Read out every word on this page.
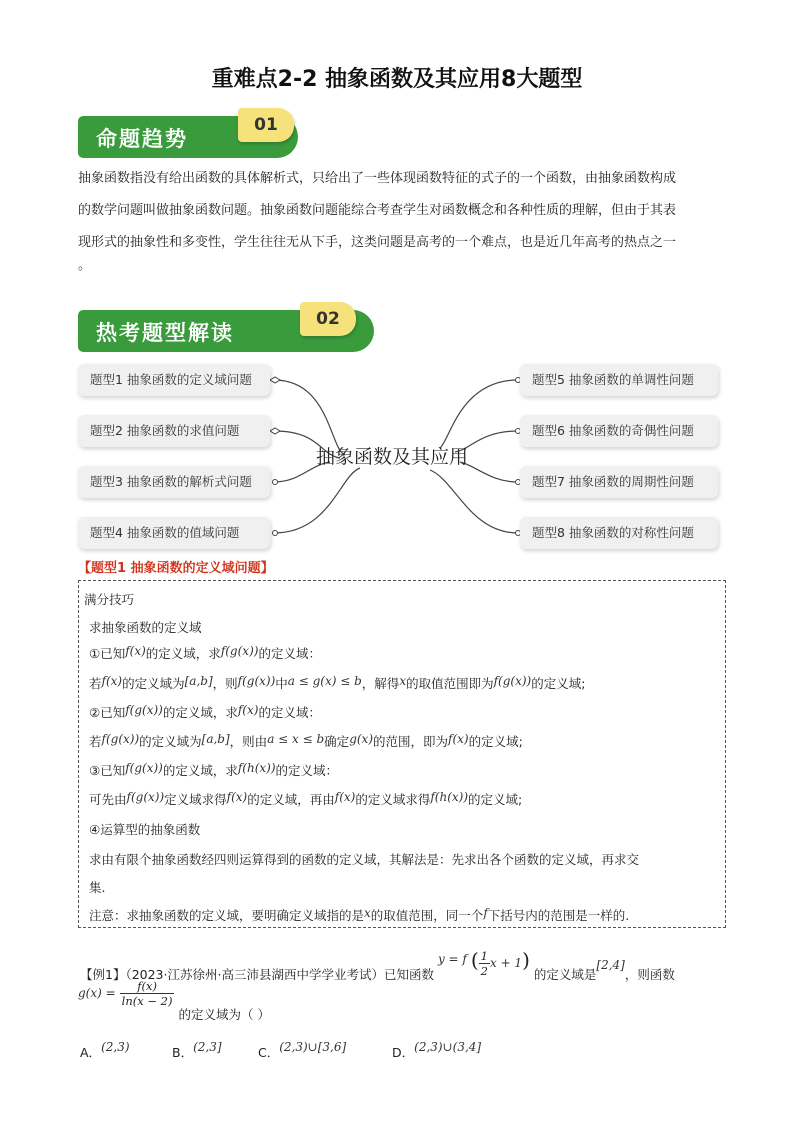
重难点2-2 抽象函数及其应用8大题型
命题趋势
01
抽象函数指没有给出函数的具体解析式，只给出了一些体现函数特征的式子的一个函数，由抽象函数构成
的数学问题叫做抽象函数问题。抽象函数问题能综合考查学生对函数概念和各种性质的理解，但由于其表
现形式的抽象性和多变性，学生往往无从下手，这类问题是高考的一个难点，也是近几年高考的热点之一
。
热考题型解读
02
题型1 抽象函数的定义域问题
题型2 抽象函数的求值问题
题型3 抽象函数的解析式问题
题型4 抽象函数的值域问题
题型5 抽象函数的单调性问题
题型6 抽象函数的奇偶性问题
题型7 抽象函数的周期性问题
题型8 抽象函数的对称性问题
抽象函数及其应用
【题型1 抽象函数的定义域问题】
满分技巧
求抽象函数的定义域
①已知f(x)的定义域，求f(g(x))的定义域：
若f(x)的定义域为[a,b]，则f(g(x))中a ≤ g(x) ≤ b，解得x的取值范围即为f(g(x))的定义域;
②已知f(g(x))的定义域，求f(x)的定义域：
若f(g(x))的定义域为[a,b]，则由a ≤ x ≤ b确定g(x)的范围，即为f(x)的定义域;
③已知f(g(x))的定义域，求f(h(x))的定义域：
可先由f(g(x))定义域求得f(x)的定义域，再由f(x)的定义域求得f(h(x))的定义域;
④运算型的抽象函数
求由有限个抽象函数经四则运算得到的函数的定义域，其解法是：先求出各个函数的定义域，再求交
集.
注意：求抽象函数的定义域，要明确定义域指的是x的取值范围，同一个f下括号内的范围是一样的.
【例1】（2023·江苏徐州·高三沛县湖西中学学业考试）已知函数 y = f ( $\frac{1}{2}$ x + 1) 的定义域是[2,4]，则函数
$g(x) = \frac{f(x)}{\ln(x - 2)}$
的定义域为（ ）
A．(2,3)	B．(2,3]	C．(2,3)∪[3,6]	D．(2,3)∪(3,4]
